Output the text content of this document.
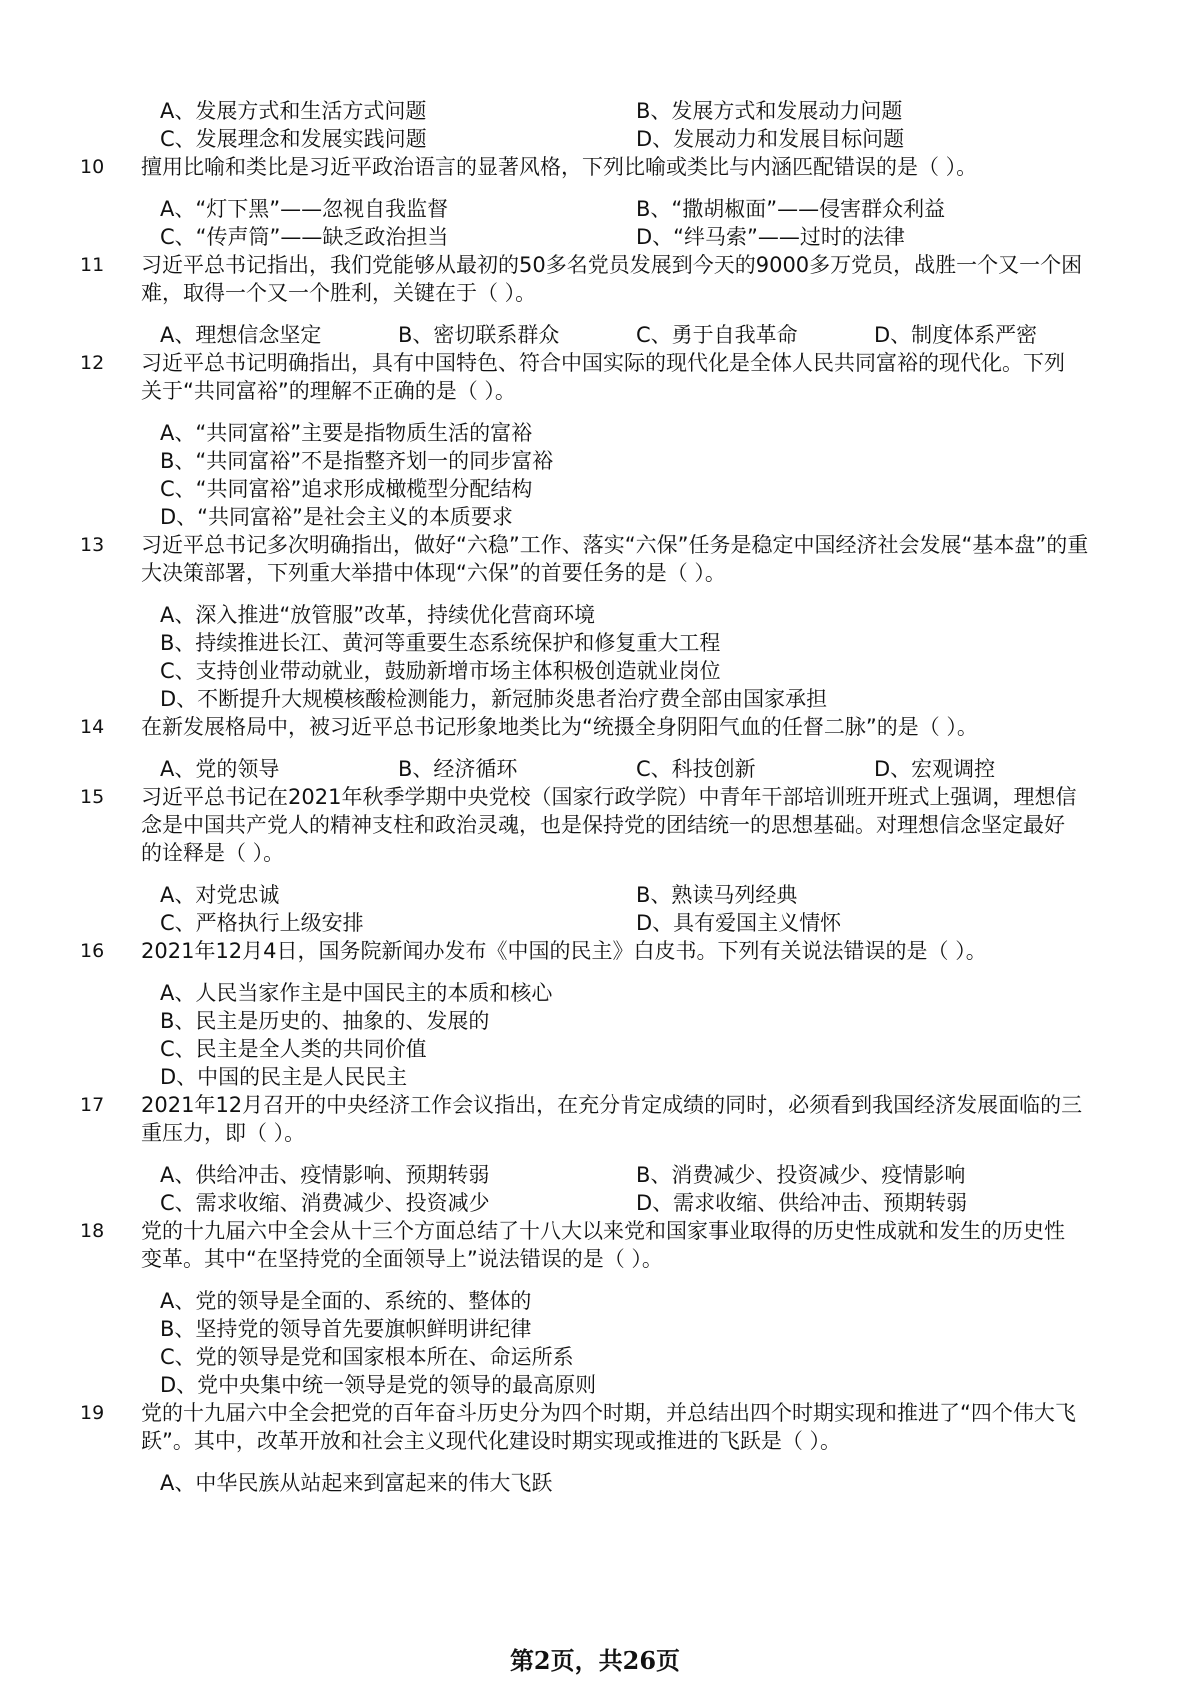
A、发展方式和生活方式问题	B、发展方式和发展动力问题
C、发展理念和发展实践问题	D、发展动力和发展目标问题
10	擅用比喻和类比是习近平政治语言的显著风格，下列比喻或类比与内涵匹配错误的是（ ）。
A、“灯下黑”——忽视自我监督	B、“撒胡椒面”——侵害群众利益
C、“传声筒”——缺乏政治担当	D、“绊马索”——过时的法律
11	习近平总书记指出，我们党能够从最初的50多名党员发展到今天的9000多万党员，战胜一个又一个困
难，取得一个又一个胜利，关键在于（ ）。
A、理想信念坚定	B、密切联系群众	C、勇于自我革命	D、制度体系严密
12	习近平总书记明确指出，具有中国特色、符合中国实际的现代化是全体人民共同富裕的现代化。下列
关于“共同富裕”的理解不正确的是（ ）。
A、“共同富裕”主要是指物质生活的富裕
B、“共同富裕”不是指整齐划一的同步富裕
C、“共同富裕”追求形成橄榄型分配结构
D、“共同富裕”是社会主义的本质要求
13	习近平总书记多次明确指出，做好“六稳”工作、落实“六保”任务是稳定中国经济社会发展“基本盘”的重
大决策部署，下列重大举措中体现“六保”的首要任务的是（ ）。
A、深入推进“放管服”改革，持续优化营商环境
B、持续推进长江、黄河等重要生态系统保护和修复重大工程
C、支持创业带动就业，鼓励新增市场主体积极创造就业岗位
D、不断提升大规模核酸检测能力，新冠肺炎患者治疗费全部由国家承担
14	在新发展格局中，被习近平总书记形象地类比为“统摄全身阴阳气血的任督二脉”的是（ ）。
A、党的领导	B、经济循环	C、科技创新	D、宏观调控
15	习近平总书记在2021年秋季学期中央党校（国家行政学院）中青年干部培训班开班式上强调，理想信
念是中国共产党人的精神支柱和政治灵魂，也是保持党的团结统一的思想基础。对理想信念坚定最好
的诠释是（ ）。
A、对党忠诚	B、熟读马列经典
C、严格执行上级安排	D、具有爱国主义情怀
16	2021年12月4日，国务院新闻办发布《中国的民主》白皮书。下列有关说法错误的是（ ）。
A、人民当家作主是中国民主的本质和核心
B、民主是历史的、抽象的、发展的
C、民主是全人类的共同价值
D、中国的民主是人民民主
17	2021年12月召开的中央经济工作会议指出，在充分肯定成绩的同时，必须看到我国经济发展面临的三
重压力，即（ ）。
A、供给冲击、疫情影响、预期转弱	B、消费减少、投资减少、疫情影响
C、需求收缩、消费减少、投资减少	D、需求收缩、供给冲击、预期转弱
18	党的十九届六中全会从十三个方面总结了十八大以来党和国家事业取得的历史性成就和发生的历史性
变革。其中“在坚持党的全面领导上”说法错误的是（ ）。
A、党的领导是全面的、系统的、整体的
B、坚持党的领导首先要旗帜鲜明讲纪律
C、党的领导是党和国家根本所在、命运所系
D、党中央集中统一领导是党的领导的最高原则
19	党的十九届六中全会把党的百年奋斗历史分为四个时期，并总结出四个时期实现和推进了“四个伟大飞
跃”。其中，改革开放和社会主义现代化建设时期实现或推进的飞跃是（ ）。
A、中华民族从站起来到富起来的伟大飞跃
第2页，共26页
